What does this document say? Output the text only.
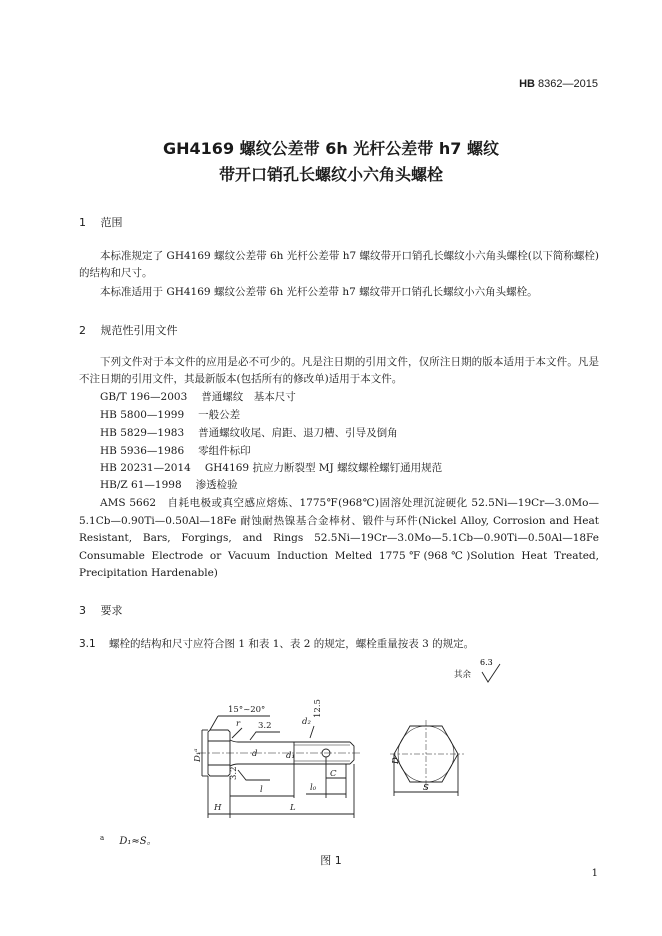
HB 8362—2015
GH4169 螺纹公差带 6h 光杆公差带 h7 螺纹
带开口销孔长螺纹小六角头螺栓
1 范围
本标准规定了 GH4169 螺纹公差带 6h 光杆公差带 h7 螺纹带开口销孔长螺纹小六角头螺栓(以下简称螺栓)的结构和尺寸。
本标准适用于 GH4169 螺纹公差带 6h 光杆公差带 h7 螺纹带开口销孔长螺纹小六角头螺栓。
2 规范性引用文件
下列文件对于本文件的应用是必不可少的。凡是注日期的引用文件，仅所注日期的版本适用于本文件。凡是不注日期的引用文件，其最新版本(包括所有的修改单)适用于本文件。
GB/T 196—2003 普通螺纹　基本尺寸
HB 5800—1999 一般公差
HB 5829—1983 普通螺纹收尾、肩距、退刀槽、引导及倒角
HB 5936—1986 零组件标印
HB 20231—2014 GH4169 抗应力断裂型 MJ 螺纹螺栓螺钉通用规范
HB/Z 61—1998 渗透检验
AMS 5662　自耗电极或真空感应熔炼、1775℉(968℃)固溶处理沉淀硬化 52.5Ni—19Cr—3.0Mo—5.1Cb—0.90Ti—0.50Al—18Fe 耐蚀耐热镍基合金棒材、锻件与环件(Nickel Alloy, Corrosion and Heat Resistant, Bars, Forgings, and Rings 52.5Ni—19Cr—3.0Mo—5.1Cb—0.90Ti—0.50Al—18Fe Consumable Electrode or Vacuum Induction Melted 1775℉(968℃)Solution Heat Treated, Precipitation Hardenable)
3 要求
3.1 螺栓的结构和尺寸应符合图 1 和表 1、表 2 的规定，螺栓重量按表 3 的规定。
其余
6.3
15°~20°
r 3.2	d₂
12.5
D₁ᵃ	d	d₁
3.2	C
l	l₀
H	L
D
S
$^a$ D₁≈S。
图 1
1
